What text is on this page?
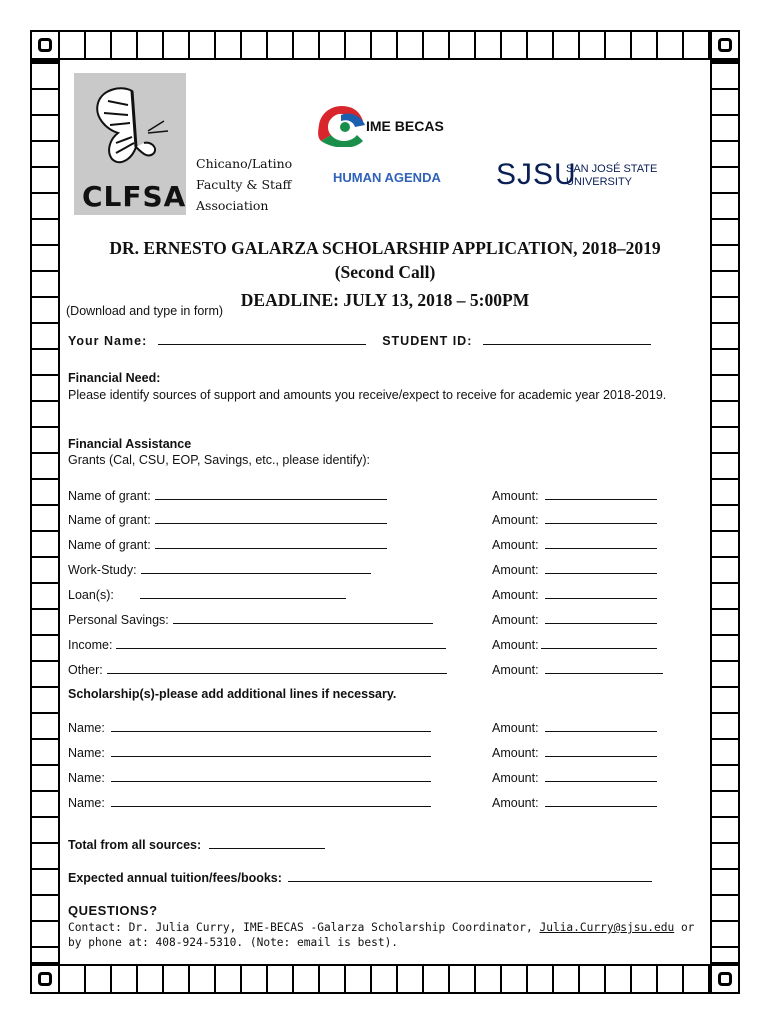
CLFSA
Chicano/Latino
Faculty & Staff
Association
IME BECAS
HUMAN AGENDA SJSU
SAN JOSÉ STATE
UNIVERSITY
DR. ERNESTO GALARZA SCHOLARSHIP APPLICATION, 2018–2019
(Second Call)
DEADLINE: JULY 13, 2018 – 5:00PM
(Download and type in form)
Your Name:	STUDENT ID:
Financial Need:
Please identify sources of support and amounts you receive/expect to receive for academic year 2018-2019.
Financial Assistance
Grants (Cal, CSU, EOP, Savings, etc., please identify):
Name of grant:	Amount:
Name of grant:	Amount:
Name of grant:	Amount:
Work-Study:	Amount:
Loan(s):	Amount:
Personal Savings:	Amount:
Income:	Amount:
Other:	Amount:
Scholarship(s)-please add additional lines if necessary.
Name:	Amount:
Name:	Amount:
Name:	Amount:
Name:	Amount:
Total from all sources:
Expected annual tuition/fees/books:
QUESTIONS?
Contact: Dr. Julia Curry, IME-BECAS -Galarza Scholarship Coordinator, Julia.Curry@sjsu.edu or by phone at: 408-924-5310. (Note: email is best).
